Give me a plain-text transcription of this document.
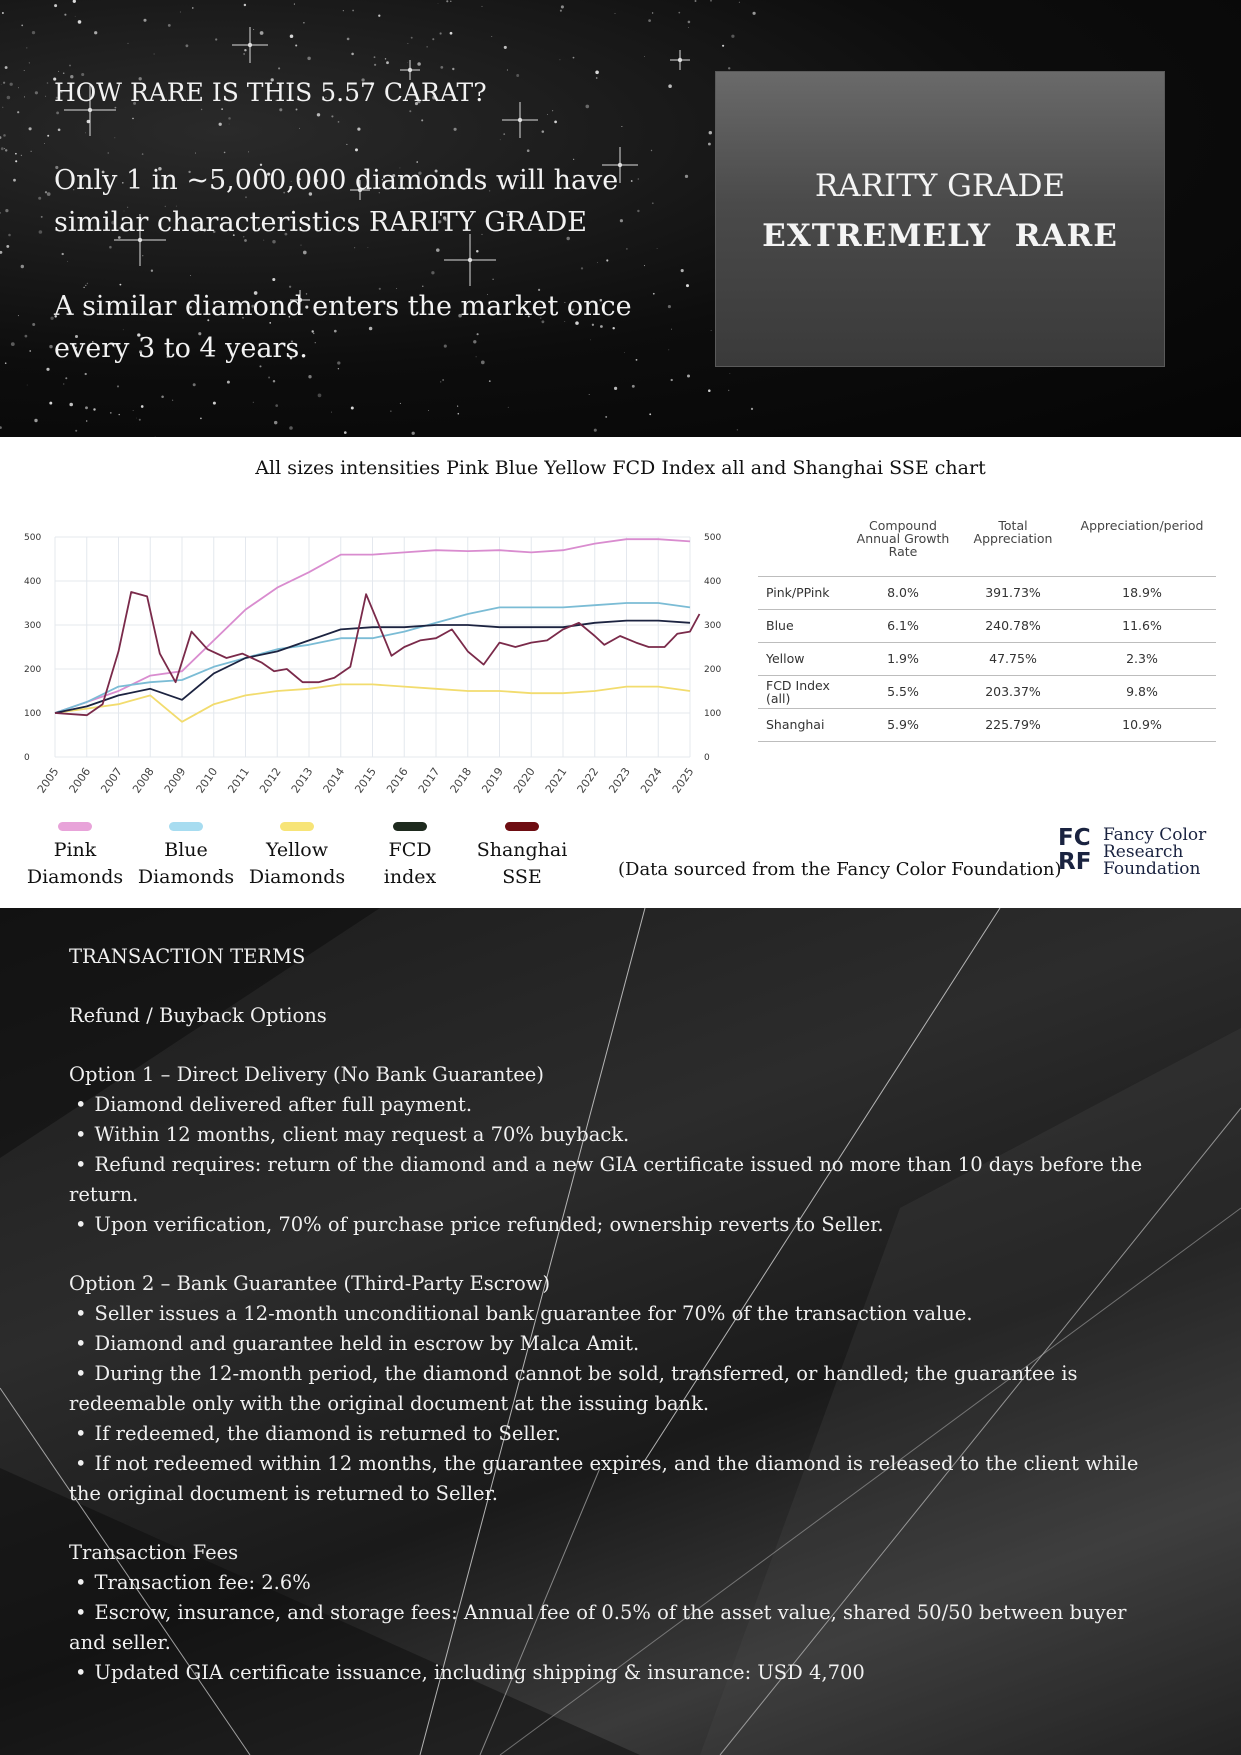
HOW RARE IS THIS 5.57 CARAT?
Only 1 in ~5,000,000 diamonds will have
similar characteristics RARITY GRADE
A similar diamond enters the market once
every 3 to 4 years.
RARITY GRADE
EXTREMELY  RARE
All sizes intensities Pink Blue Yellow FCD Index all and Shanghai SSE chart
0	0
100	100
200	200
300	300
400	400
500	500
2005 2006 2007 2008 2009 2010 2011 2012 2013 2014 2015 2016 2017 2018 2019 2020 2021 2022 2023 2024 2025
	Compound Annual Growth Rate	Total Appreciation	Appreciation/period
Pink/PPink	8.0%	391.73%	18.9%
Blue	6.1%	240.78%	11.6%
Yellow	1.9%	47.75%	2.3%
FCD Index (all)	5.5%	203.37%	9.8%
Shanghai	5.9%	225.79%	10.9%
Pink
Diamonds
Blue
Diamonds
Yellow
Diamonds
FCD
index
Shanghai
SSE	(Data sourced from the Fancy Color Foundation)
FC
RF
Fancy Color
Research
Foundation
TRANSACTION TERMS
Refund / Buyback Options
Option 1 – Direct Delivery (No Bank Guarantee)
• Diamond delivered after full payment.
• Within 12 months, client may request a 70% buyback.
• Refund requires: return of the diamond and a new GIA certificate issued no more than 10 days before the return.
• Upon verification, 70% of purchase price refunded; ownership reverts to Seller.
Option 2 – Bank Guarantee (Third-Party Escrow)
• Seller issues a 12-month unconditional bank guarantee for 70% of the transaction value.
• Diamond and guarantee held in escrow by Malca Amit.
• During the 12-month period, the diamond cannot be sold, transferred, or handled; the guarantee is redeemable only with the original document at the issuing bank.
• If redeemed, the diamond is returned to Seller.
• If not redeemed within 12 months, the guarantee expires, and the diamond is released to the client while the original document is returned to Seller.
Transaction Fees
• Transaction fee: 2.6%
• Escrow, insurance, and storage fees: Annual fee of 0.5% of the asset value, shared 50/50 between buyer and seller.
• Updated GIA certificate issuance, including shipping & insurance: USD 4,700
